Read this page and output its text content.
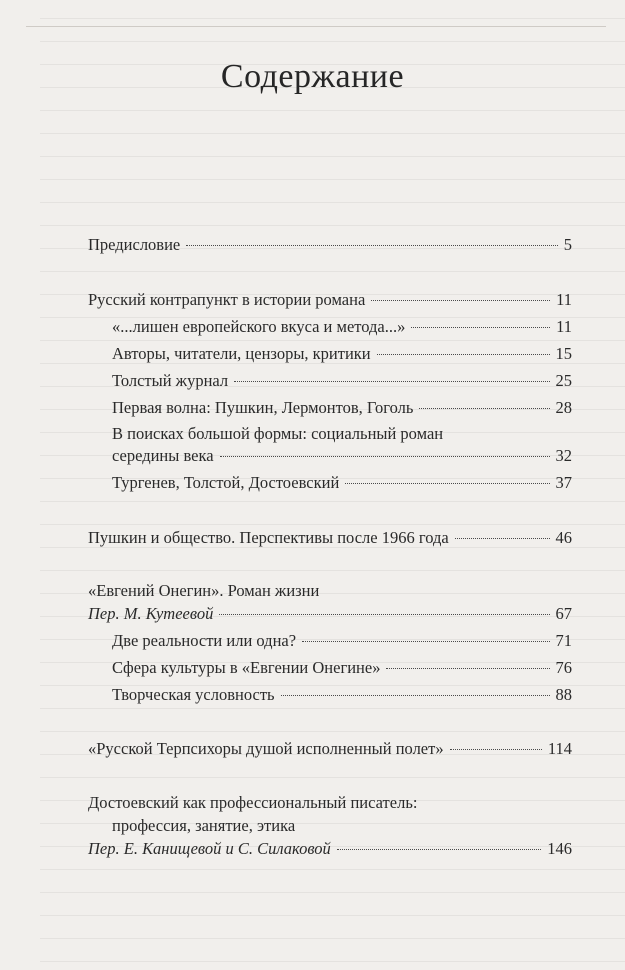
Содержание
Предисловие	5
Русский контрапункт в истории романа	11
«...лишен европейского вкуса и метода...»	11
Авторы, читатели, цензоры, критики	15
Толстый журнал	25
Первая волна: Пушкин, Лермонтов, Гоголь	28
В поисках большой формы: социальный роман
середины века	32
Тургенев, Толстой, Достоевский	37
Пушкин и общество. Перспективы после 1966 года	46
«Евгений Онегин». Роман жизни
Пер. М. Кутеевой	67
Две реальности или одна?	71
Сфера культуры в «Евгении Онегине»	76
Творческая условность	88
«Русской Терпсихоры душой исполненный полет»	114
Достоевский как профессиональный писатель:
профессия, занятие, этика
Пер. Е. Канищевой и С. Силаковой	146
